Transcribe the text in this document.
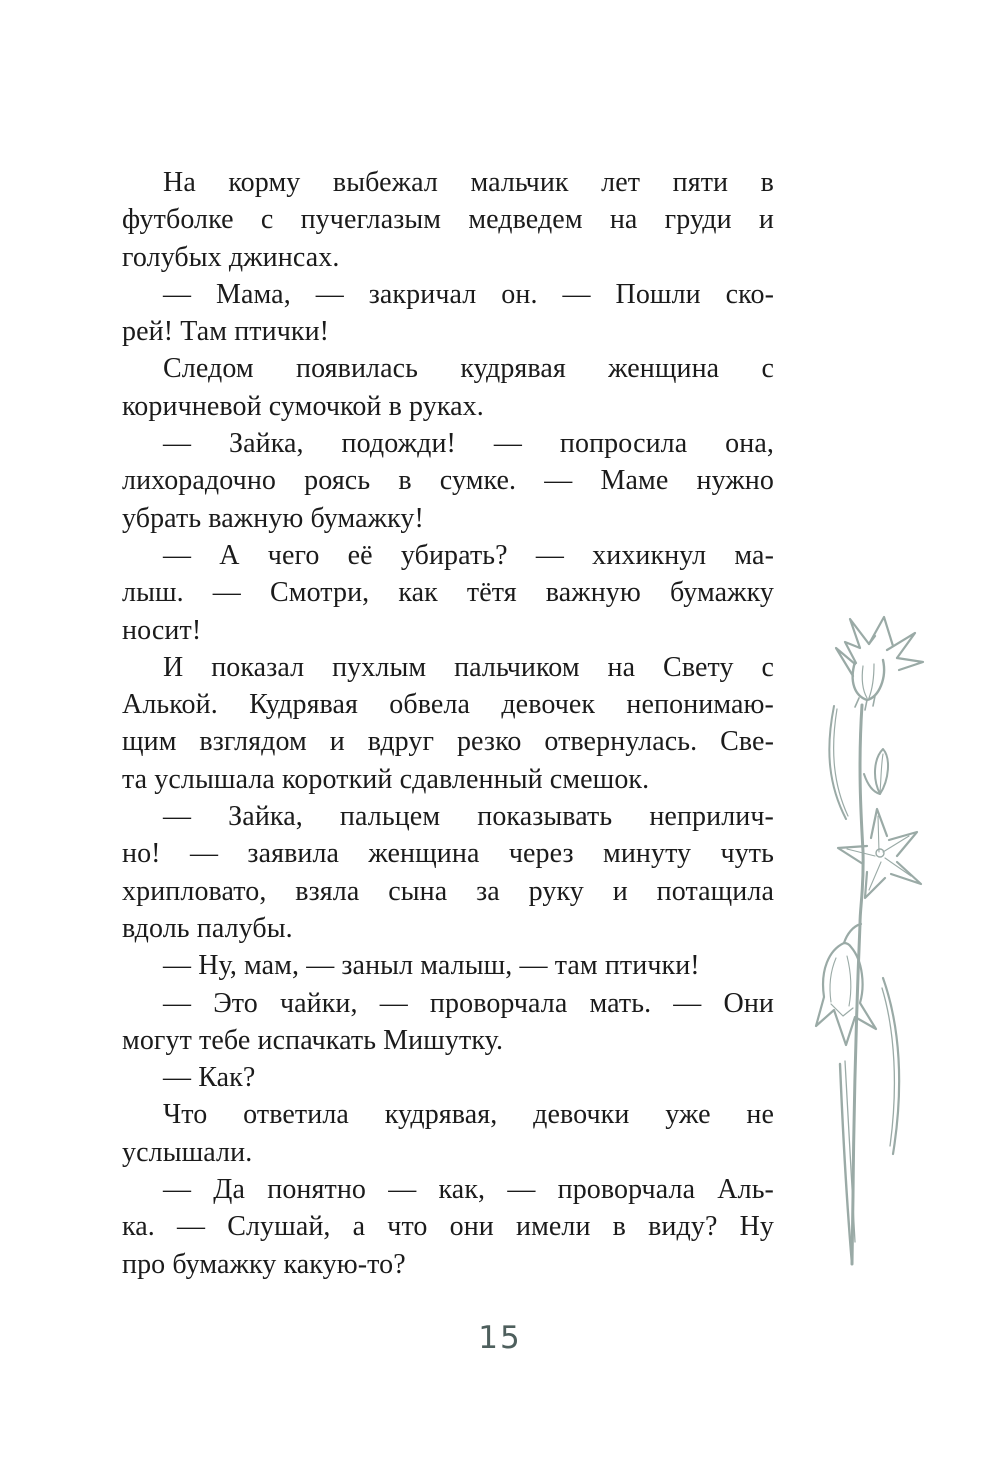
На корму выбежал мальчик лет пяти в
футболке с пучеглазым медведем на груди и
голубых джинсах.

— Мама, — закричал он. — Пошли ско-
рей! Там птички!

Следом появилась кудрявая женщина с
коричневой сумочкой в руках.

— Зайка, подожди! — попросила она,
лихорадочно роясь в сумке. — Маме нужно
убрать важную бумажку!

— А чего её убирать? — хихикнул ма-
лыш. — Смотри, как тётя важную бумажку
носит!

И показал пухлым пальчиком на Свету с
Алькой. Кудрявая обвела девочек непонимаю-
щим взглядом и вдруг резко отвернулась. Све-
та услышала короткий сдавленный смешок.

— Зайка, пальцем показывать неприлич-
но! — заявила женщина через минуту чуть
хрипловато, взяла сына за руку и потащила
вдоль палубы.

— Ну, мам, — заныл малыш, — там птички!

— Это чайки, — проворчала мать. — Они
могут тебе испачкать Мишутку.

— Как?

Что ответила кудрявая, девочки уже не
услышали.

— Да понятно — как, — проворчала Аль-
ка. — Слушай, а что они имели в виду? Ну
про бумажку какую-то?

15
